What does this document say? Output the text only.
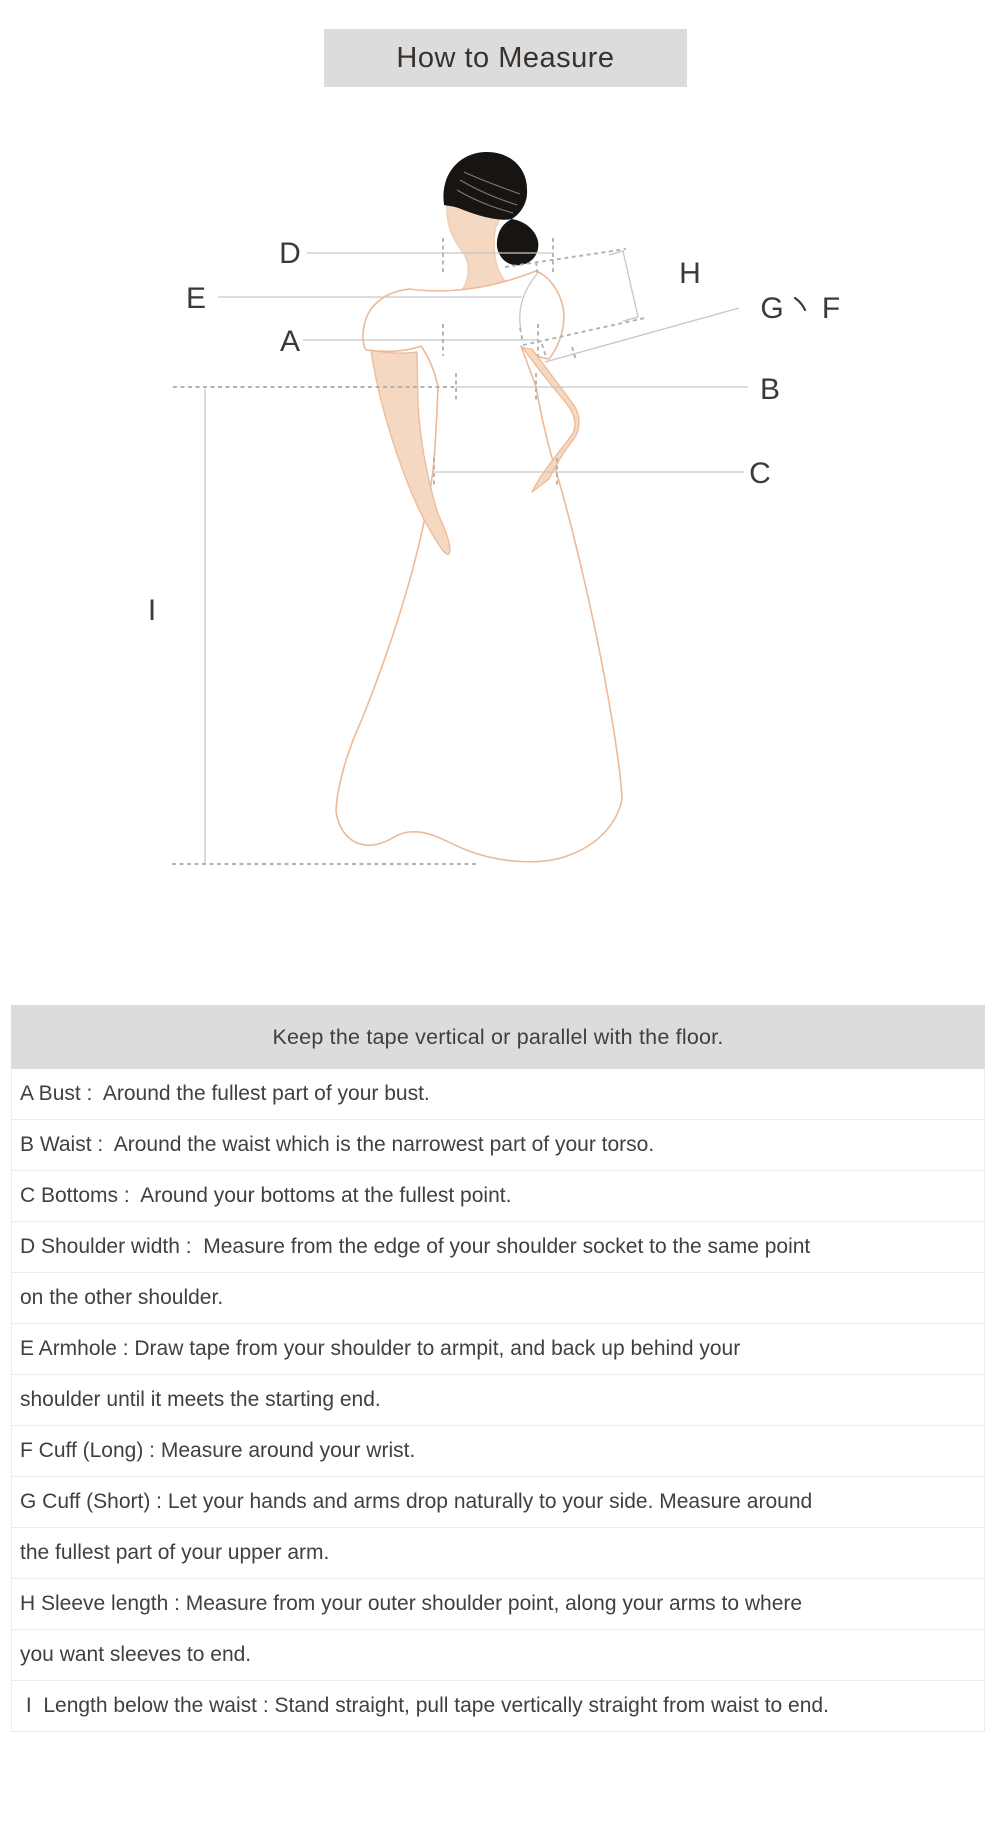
How to Measure
D
E
A
H
G F
B
C
I
Keep the tape vertical or parallel with the floor.
A Bust :  Around the fullest part of your bust.
B Waist :  Around the waist which is the narrowest part of your torso.
C Bottoms :  Around your bottoms at the fullest point.
D Shoulder width :  Measure from the edge of your shoulder socket to the same point
on the other shoulder.
E Armhole : Draw tape from your shoulder to armpit, and back up behind your
shoulder until it meets the starting end.
F Cuff (Long) : Measure around your wrist.
G Cuff (Short) : Let your hands and arms drop naturally to your side. Measure around
the fullest part of your upper arm.
H Sleeve length : Measure from your outer shoulder point, along your arms to where
you want sleeves to end.
I  Length below the waist : Stand straight, pull tape vertically straight from waist to end.
